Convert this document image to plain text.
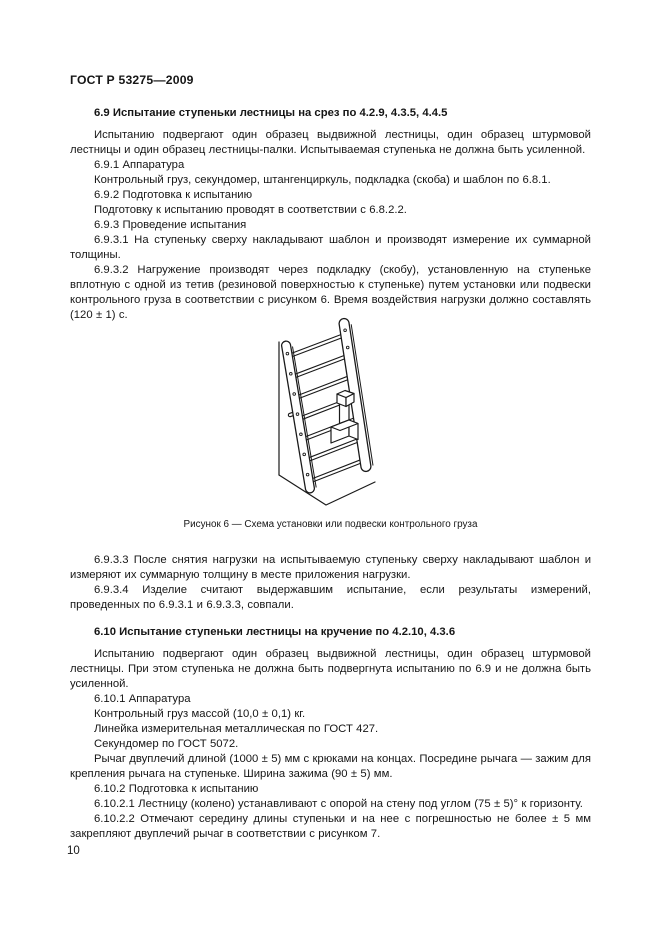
ГОСТ Р 53275—2009
6.9 Испытание ступеньки лестницы на срез по 4.2.9, 4.3.5, 4.4.5

Испытанию подвергают один образец выдвижной лестницы, один образец штурмовой лестницы и один образец лестницы-палки. Испытываемая ступенька не должна быть усиленной.

6.9.1 Аппаратура

Контрольный груз, секундомер, штангенциркуль, подкладка (скоба) и шаблон по 6.8.1.

6.9.2 Подготовка к испытанию

Подготовку к испытанию проводят в соответствии с 6.8.2.2.

6.9.3 Проведение испытания

6.9.3.1 На ступеньку сверху накладывают шаблон и производят измерение их суммарной толщины.

6.9.3.2 Нагружение производят через подкладку (скобу), установленную на ступеньке вплотную с одной из тетив (резиновой поверхностью к ступеньке) путем установки или подвески контрольного груза в соответствии с рисунком 6. Время воздействия нагрузки должно составлять (120 ± 1) с.

Рисунок 6 — Схема установки или подвески контрольного груза

6.9.3.3 После снятия нагрузки на испытываемую ступеньку сверху накладывают шаблон и измеряют их суммарную толщину в месте приложения нагрузки.

6.9.3.4 Изделие считают выдержавшим испытание, если результаты измерений, проведенных по 6.9.3.1 и 6.9.3.3, совпали.

6.10 Испытание ступеньки лестницы на кручение по 4.2.10, 4.3.6

Испытанию подвергают один образец выдвижной лестницы, один образец штурмовой лестницы. При этом ступенька не должна быть подвергнута испытанию по 6.9 и не должна быть усиленной.

6.10.1 Аппаратура

Контрольный груз массой (10,0 ± 0,1) кг.

Линейка измерительная металлическая по ГОСТ 427.

Секундомер по ГОСТ 5072.

Рычаг двуплечий длиной (1000 ± 5) мм с крюками на концах. Посредине рычага — зажим для крепления рычага на ступеньке. Ширина зажима (90 ± 5) мм.

6.10.2 Подготовка к испытанию

6.10.2.1 Лестницу (колено) устанавливают с опорой на стену под углом (75 ± 5)° к горизонту.

6.10.2.2 Отмечают середину длины ступеньки и на нее с погрешностью не более ± 5 мм закрепляют двуплечий рычаг в соответствии с рисунком 7.

10
